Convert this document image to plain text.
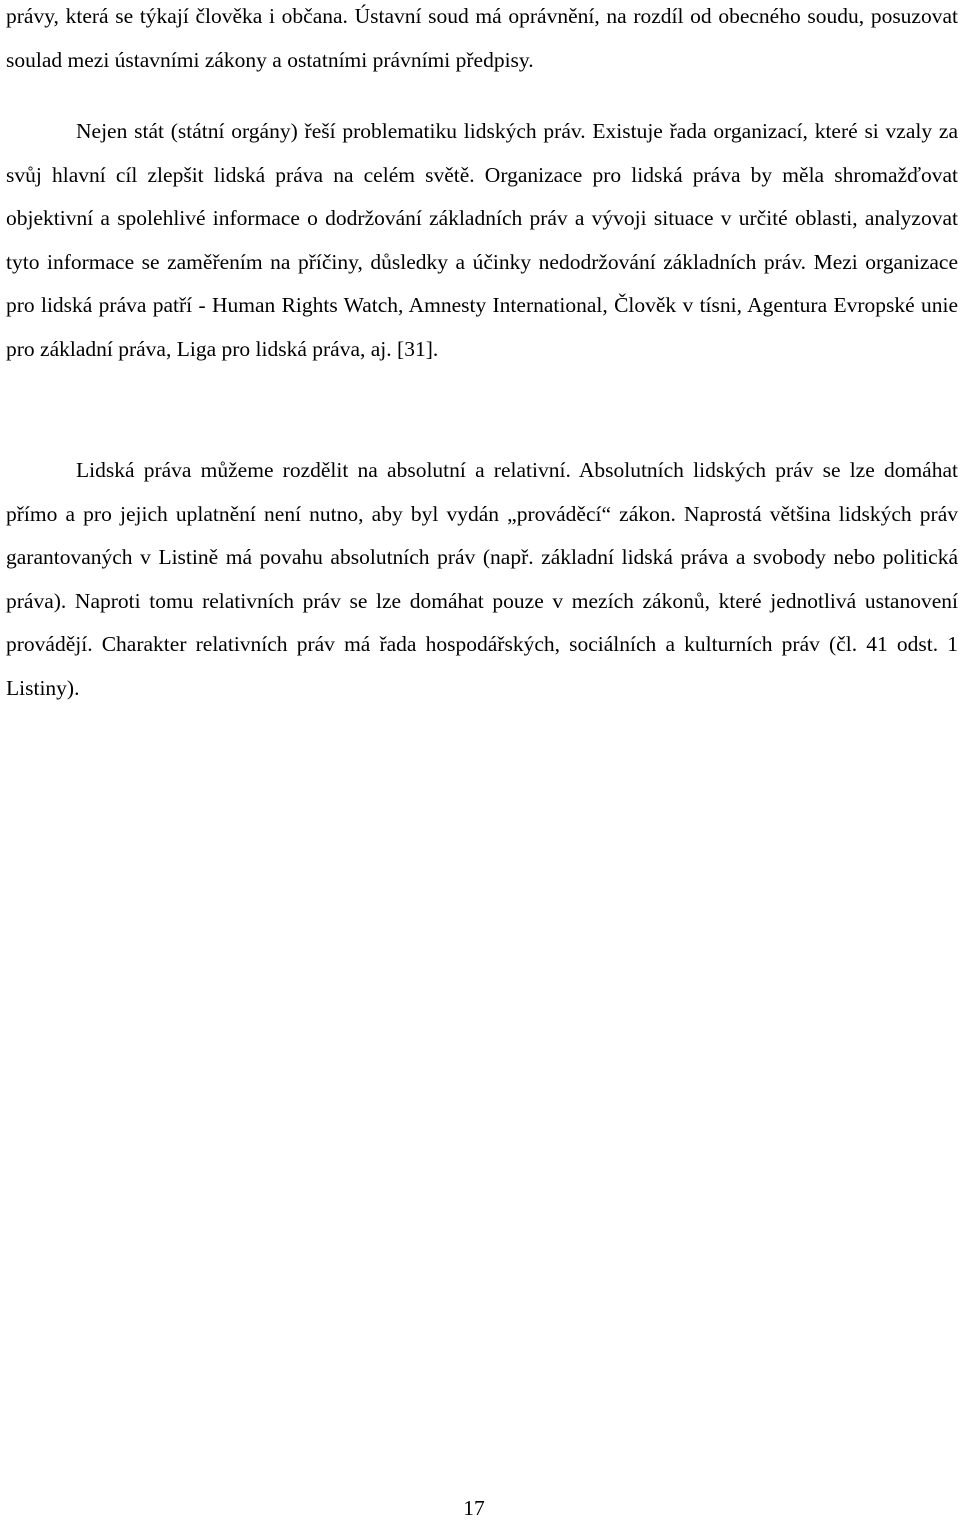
právy, která se týkají člověka i občana. Ústavní soud má oprávnění, na rozdíl od obecného soudu, posuzovat soulad mezi ústavními zákony a ostatními právními předpisy.

Nejen stát (státní orgány) řeší problematiku lidských práv. Existuje řada organizací, které si vzaly za svůj hlavní cíl zlepšit lidská práva na celém světě. Organizace pro lidská práva by měla shromažďovat objektivní a spolehlivé informace o dodržování základních práv a vývoji situace v určité oblasti, analyzovat tyto informace se zaměřením na příčiny, důsledky a účinky nedodržování základních práv. Mezi organizace pro lidská práva patří - Human Rights Watch, Amnesty International, Člověk v tísni, Agentura Evropské unie pro základní práva, Liga pro lidská práva, aj. [31].

Lidská práva můžeme rozdělit na absolutní a relativní. Absolutních lidských práv se lze domáhat přímo a pro jejich uplatnění není nutno, aby byl vydán „prováděcí“ zákon. Naprostá většina lidských práv garantovaných v Listině má povahu absolutních práv (např. základní lidská práva a svobody nebo politická práva). Naproti tomu relativních práv se lze domáhat pouze v mezích zákonů, které jednotlivá ustanovení provádějí. Charakter relativních práv má řada hospodářských, sociálních a kulturních práv (čl. 41 odst. 1 Listiny).

17
